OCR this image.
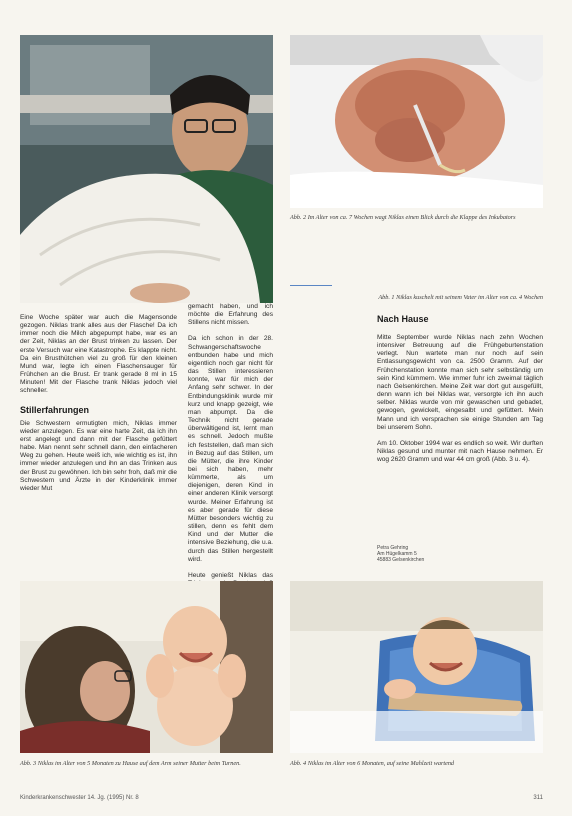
Abb. 2 Im Alter von ca. 7 Wochen wagt Niklas einen Blick durch die Klappe des Inkubators
Abb. 1 Niklas kuschelt mit seinem Vater im Alter von ca. 4 Wochen

Eine Woche später war auch die Magensonde gezogen. Niklas trank alles aus der Flasche! Da ich immer noch die Milch abgepumpt habe, war es an der Zeit, Niklas an der Brust trinken zu lassen. Der erste Versuch war eine Katastrophe. Es klappte nicht. Da ein Brusthütchen viel zu groß für den kleinen Mund war, legte ich einen Flaschensauger für Frühchen an die Brust. Er trank gerade 8 ml in 15 Minuten! Mit der Flasche trank Niklas jedoch viel schneller.

Stillerfahrungen

Die Schwestern ermutigten mich, Niklas immer wieder anzulegen. Es war eine harte Zeit, da ich ihn erst angelegt und dann mit der Flasche gefüttert habe. Man nennt sehr schnell dann, den einfacheren Weg zu gehen. Heute weiß ich, wie wichtig es ist, ihn immer wieder anzulegen und ihn an das Trinken aus der Brust zu gewöhnen. Ich bin sehr froh, daß mir die Schwestern und Ärzte in der Kinderklinik immer wieder Mut

gemacht haben, und ich möchte die Erfahrung des Stillens nicht missen.

Da ich schon in der 28. Schwangerschaftswoche entbunden habe und mich eigentlich noch gar nicht für das Stillen interessieren konnte, war für mich der Anfang sehr schwer. In der Entbindungsklinik wurde mir kurz und knapp gezeigt, wie man abpumpt. Da die Technik nicht gerade überwältigend ist, lernt man es schnell. Jedoch mußte ich feststellen, daß man sich in Bezug auf das Stillen, um die Mütter, die ihre Kinder bei sich haben, mehr kümmerte, als um diejenigen, deren Kind in einer anderen Klinik versorgt wurde. Meiner Erfahrung ist es aber gerade für diese Mütter besonders wichtig zu stillen, denn es fehlt dem Kind und der Mutter die intensive Beziehung, die u.a. durch das Stillen hergestellt wird.

Heute genießt Niklas das

Nach Hause

Mitte September wurde Niklas nach zehn Wochen intensiver Betreuung auf die Frühgeburtenstation verlegt. Nun wartete man nur noch auf sein Entlassungsgewicht von ca. 2500 Gramm. Auf der Frühchenstation konnte man sich sehr selbständig um sein Kind kümmern. Wie immer fuhr ich zweimal täglich nach Gelsenkirchen. Meine Zeit war dort gut ausgefüllt, denn wann ich bei Niklas war, versorgte ich ihn auch selber. Niklas wurde von mir gewaschen und gebadet, gewogen, gewickelt, eingesalbt und gefüttert. Mein Mann und ich versprachen sie einige Stunden am Tag bei unserem Sohn.

Am 10. Oktober 1994 war es endlich so weit. Wir durften Niklas gesund und munter mit nach Hause nehmen. Er wog 2620 Gramm und war 44 cm groß (Abb. 3 u. 4).

Petra Gehring
Am Hügelkamm 5
45883 Gelsenkirchen
Abb. 3 Niklas im Alter von 5 Monaten zu Hause auf dem Arm seiner Mutter beim Turnen.	Abb. 4 Niklas im Alter von 6 Monaten, auf seine Mahlzeit wartend
Kinderkrankenschwester 14. Jg. (1995) Nr. 8	311
